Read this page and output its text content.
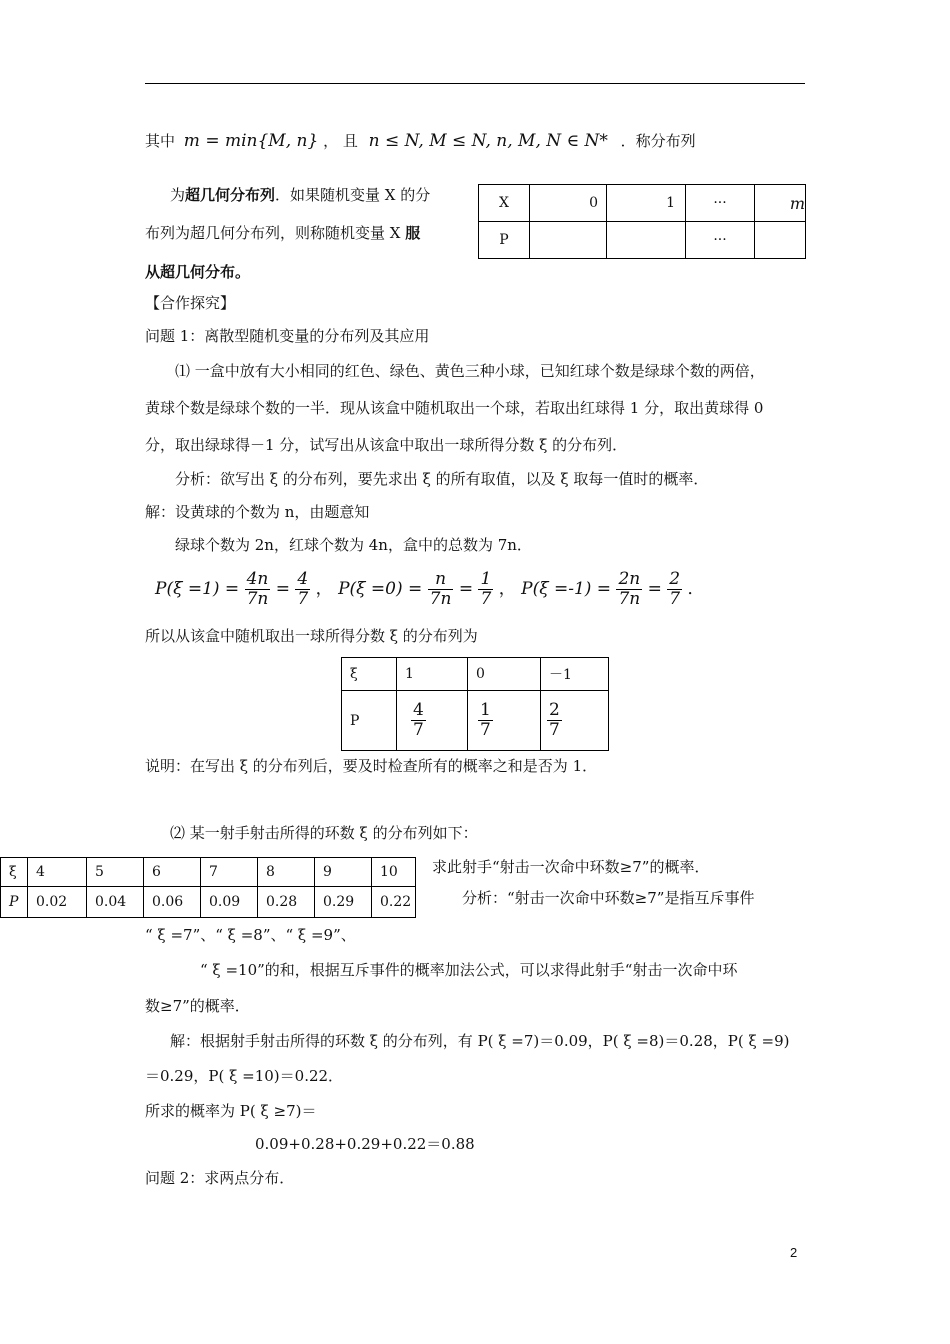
其中 m = min{M, n} ， 且 n ≤ N, M ≤ N, n, M, N ∈ N* ．称分布列
为超几何分布列．如果随机变量 X 的分
布列为超几何分布列，则称随机变量 X 服
从超几何分布。
X	0	1	···	m
P			···	
【合作探究】
问题 1：离散型随机变量的分布列及其应用
⑴ 一盒中放有大小相同的红色、绿色、黄色三种小球，已知红球个数是绿球个数的两倍，
黄球个数是绿球个数的一半．现从该盒中随机取出一个球，若取出红球得 1 分，取出黄球得 0
分，取出绿球得－1 分，试写出从该盒中取出一球所得分数 ξ 的分布列．
分析：欲写出 ξ 的分布列，要先求出 ξ 的所有取值，以及 ξ 取每一值时的概率．
解：设黄球的个数为 n，由题意知
绿球个数为 2n，红球个数为 4n，盒中的总数为 7n．
$P(\xi =1) = \frac{4n}{7n} = \frac{4}{7}$ ， $P(\xi =0) = \frac{n}{7n} = \frac{1}{7}$ ， $P(\xi =-1) = \frac{2n}{7n} = \frac{2}{7}$ ．
所以从该盒中随机取出一球所得分数 ξ 的分布列为
ξ	1	0	－1
P	$\frac{4}{7}$	$\frac{1}{7}$	$\frac{2}{7}$
说明：在写出 ξ 的分布列后，要及时检查所有的概率之和是否为 1．
⑵ 某一射手射击所得的环数 ξ 的分布列如下：
ξ	4	5	6	7	8	9	10
P	0.02	0.04	0.06	0.09	0.28	0.29	0.22
求此射手“射击一次命中环数≥7”的概率．
分析：“射击一次命中环数≥7”是指互斥事件
“ ξ =7”、“ ξ =8”、“ ξ =9”、
“ ξ =10”的和，根据互斥事件的概率加法公式，可以求得此射手“射击一次命中环
数≥7”的概率．
解：根据射手射击所得的环数 ξ 的分布列，有 P( ξ =7)＝0.09，P( ξ =8)＝0.28，P( ξ =9)
＝0.29，P( ξ =10)＝0.22．
所求的概率为 P( ξ ≥7)＝
0.09+0.28+0.29+0.22＝0.88
问题 2：求两点分布．
2
